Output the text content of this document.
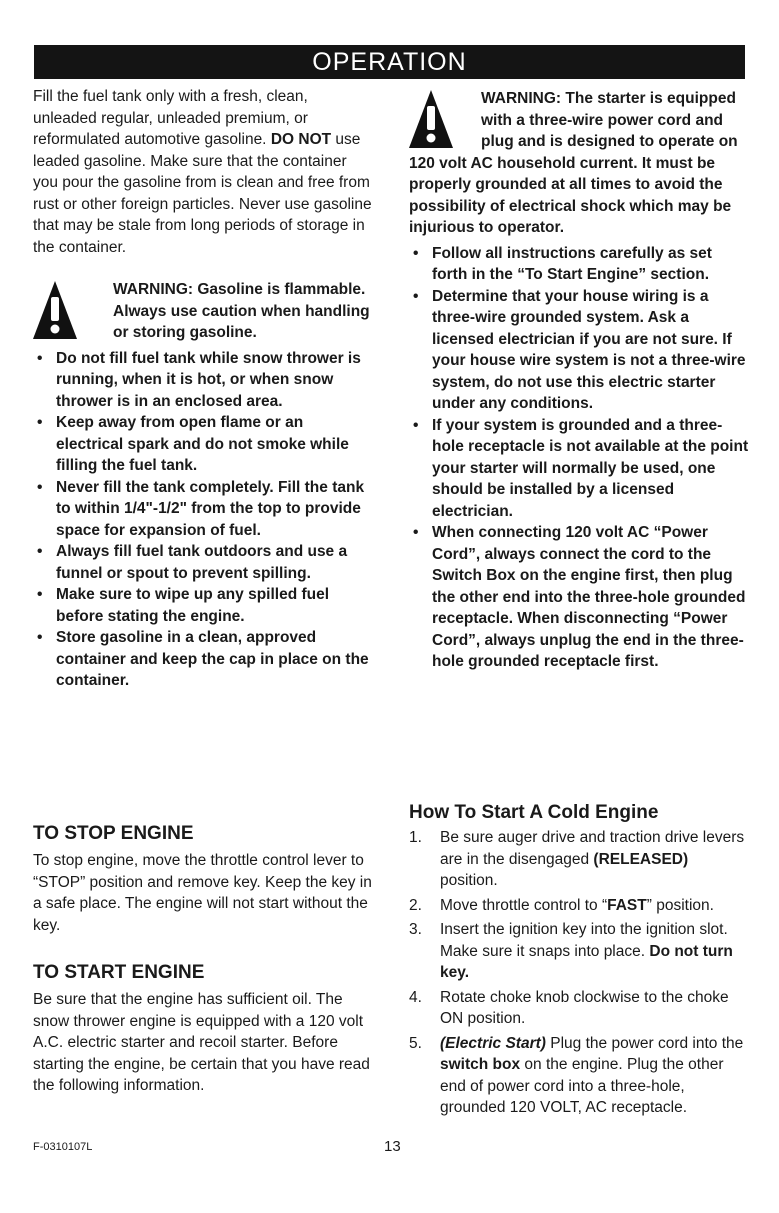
OPERATION

Fill the fuel tank only with a fresh, clean, unleaded regular, unleaded premium, or reformulated automotive gasoline. DO NOT use leaded gasoline. Make sure that the container you pour the gasoline from is clean and free from rust or other foreign particles. Never use gasoline that may be stale from long periods of storage in the container.

WARNING: Gasoline is flammable. Always use caution when handling or storing gasoline.
• Do not fill fuel tank while snow thrower is running, when it is hot, or when snow thrower is in an enclosed area.
• Keep away from open flame or an electrical spark and do not smoke while filling the fuel tank.
• Never fill the tank completely. Fill the tank to within 1/4"-1/2" from the top to provide space for expansion of fuel.
• Always fill fuel tank outdoors and use a funnel or spout to prevent spilling.
• Make sure to wipe up any spilled fuel before stating the engine.
• Store gasoline in a clean, approved container and keep the cap in place on the container.
TO STOP ENGINE

To stop engine, move the throttle control lever to “STOP” position and remove key. Keep the key in a safe place. The engine will not start without the key.

TO START ENGINE

Be sure that the engine has sufficient oil. The snow thrower engine is equipped with a 120 volt A.C. electric starter and recoil starter. Before starting the engine, be certain that you have read the following information.

WARNING: The starter is equipped with a three-wire power cord and plug and is designed to operate on 120 volt AC household current. It must be properly grounded at all times to avoid the possibility of electrical shock which may be injurious to operator.
• Follow all instructions carefully as set forth in the “To Start Engine” section.
• Determine that your house wiring is a three-wire grounded system. Ask a licensed electrician if you are not sure. If your house wire system is not a three-wire system, do not use this electric starter under any conditions.
• If your system is grounded and a three-hole receptacle is not available at the point your starter will normally be used, one should be installed by a licensed electrician.
• When connecting 120 volt AC “Power Cord”, always connect the cord to the Switch Box on the engine first, then plug the other end into the three-hole grounded receptacle. When disconnecting “Power Cord”, always unplug the end in the three-hole grounded receptacle first.
How To Start A Cold Engine
1. Be sure auger drive and traction drive levers are in the disengaged (RELEASED) position.
2. Move throttle control to “FAST” position.
3. Insert the ignition key into the ignition slot. Make sure it snaps into place. Do not turn key.
4. Rotate choke knob clockwise to the choke ON position.
5. (Electric Start) Plug the power cord into the switch box on the engine. Plug the other end of power cord into a three-hole, grounded 120 VOLT, AC receptacle.
F-0310107L	13
